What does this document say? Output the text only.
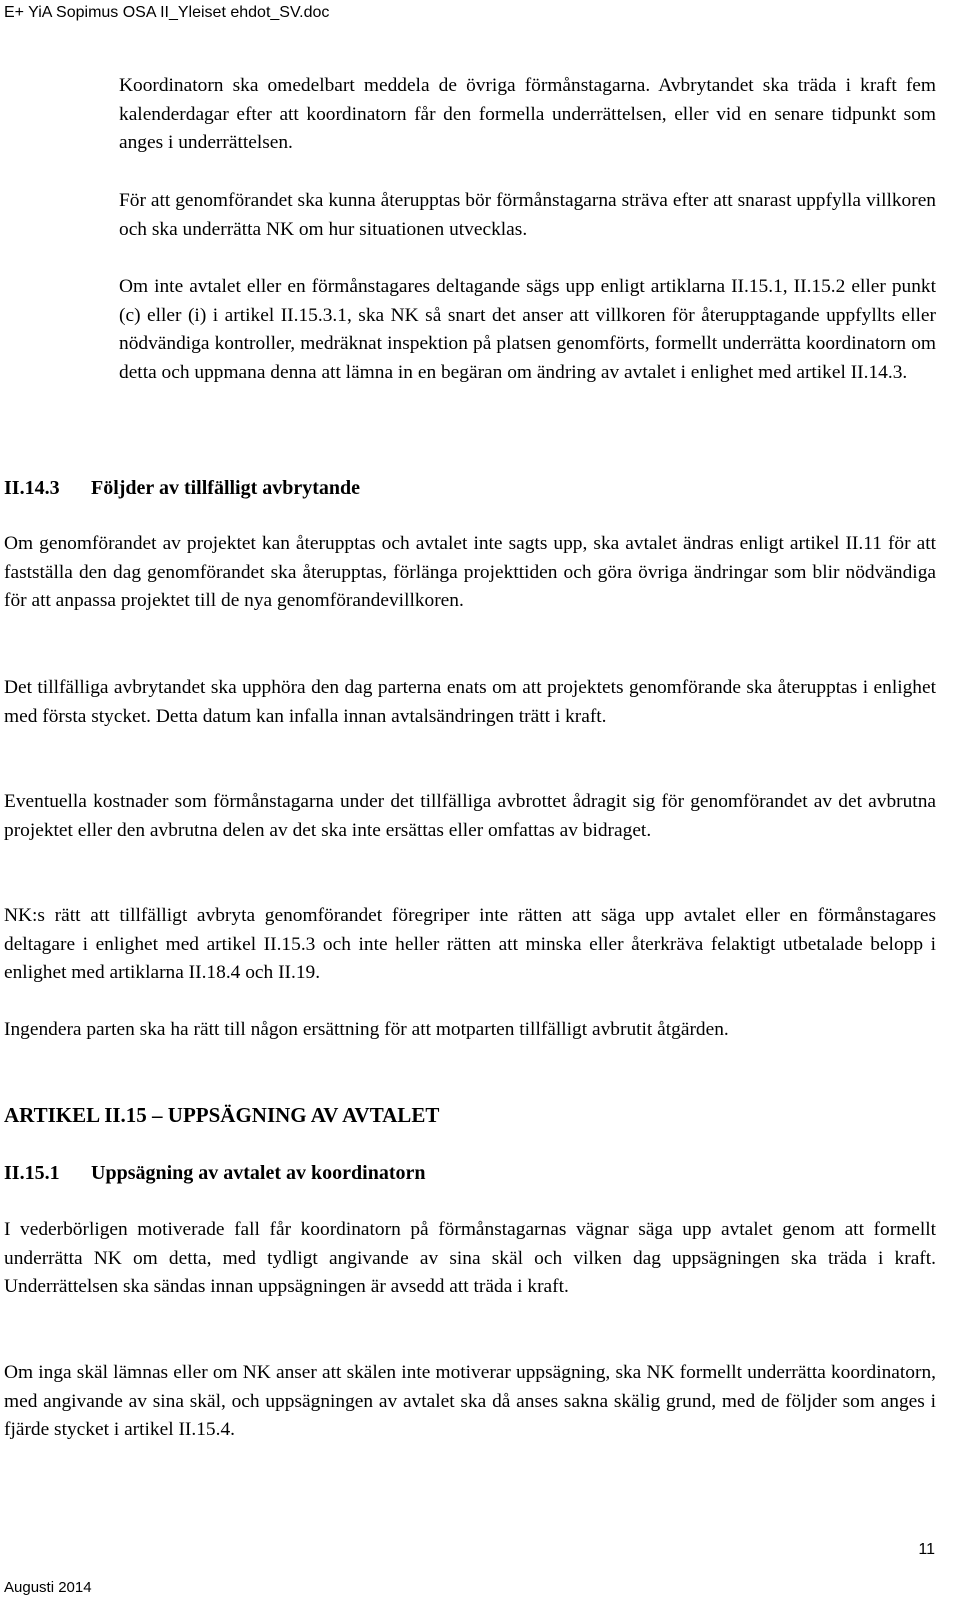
E+ YiA Sopimus OSA II_Yleiset ehdot_SV.doc

Koordinatorn ska omedelbart meddela de övriga förmånstagarna. Avbrytandet ska träda i kraft fem kalenderdagar efter att koordinatorn får den formella underrättelsen, eller vid en senare tidpunkt som anges i underrättelsen.

För att genomförandet ska kunna återupptas bör förmånstagarna sträva efter att snarast uppfylla villkoren och ska underrätta NK om hur situationen utvecklas.

Om inte avtalet eller en förmånstagares deltagande sägs upp enligt artiklarna II.15.1, II.15.2 eller punkt (c) eller (i) i artikel II.15.3.1, ska NK så snart det anser att villkoren för återupptagande uppfyllts eller nödvändiga kontroller, medräknat inspektion på platsen genomförts, formellt underrätta koordinatorn om detta och uppmana denna att lämna in en begäran om ändring av avtalet i enlighet med artikel II.14.3.

II.14.3 Följder av tillfälligt avbrytande

Om genomförandet av projektet kan återupptas och avtalet inte sagts upp, ska avtalet ändras enligt artikel II.11 för att fastställa den dag genomförandet ska återupptas, förlänga projekttiden och göra övriga ändringar som blir nödvändiga för att anpassa projektet till de nya genomförandevillkoren.

Det tillfälliga avbrytandet ska upphöra den dag parterna enats om att projektets genomförande ska återupptas i enlighet med första stycket. Detta datum kan infalla innan avtalsändringen trätt i kraft.

Eventuella kostnader som förmånstagarna under det tillfälliga avbrottet ådragit sig för genomförandet av det avbrutna projektet eller den avbrutna delen av det ska inte ersättas eller omfattas av bidraget.

NK:s rätt att tillfälligt avbryta genomförandet föregriper inte rätten att säga upp avtalet eller en förmånstagares deltagare i enlighet med artikel II.15.3 och inte heller rätten att minska eller återkräva felaktigt utbetalade belopp i enlighet med artiklarna II.18.4 och II.19.

Ingendera parten ska ha rätt till någon ersättning för att motparten tillfälligt avbrutit åtgärden.

ARTIKEL II.15 – UPPSÄGNING AV AVTALET
II.15.1 Uppsägning av avtalet av koordinatorn

I vederbörligen motiverade fall får koordinatorn på förmånstagarnas vägnar säga upp avtalet genom att formellt underrätta NK om detta, med tydligt angivande av sina skäl och vilken dag uppsägningen ska träda i kraft. Underrättelsen ska sändas innan uppsägningen är avsedd att träda i kraft.

Om inga skäl lämnas eller om NK anser att skälen inte motiverar uppsägning, ska NK formellt underrätta koordinatorn, med angivande av sina skäl, och uppsägningen av avtalet ska då anses sakna skälig grund, med de följder som anges i fjärde stycket i artikel II.15.4.

11
Augusti 2014
